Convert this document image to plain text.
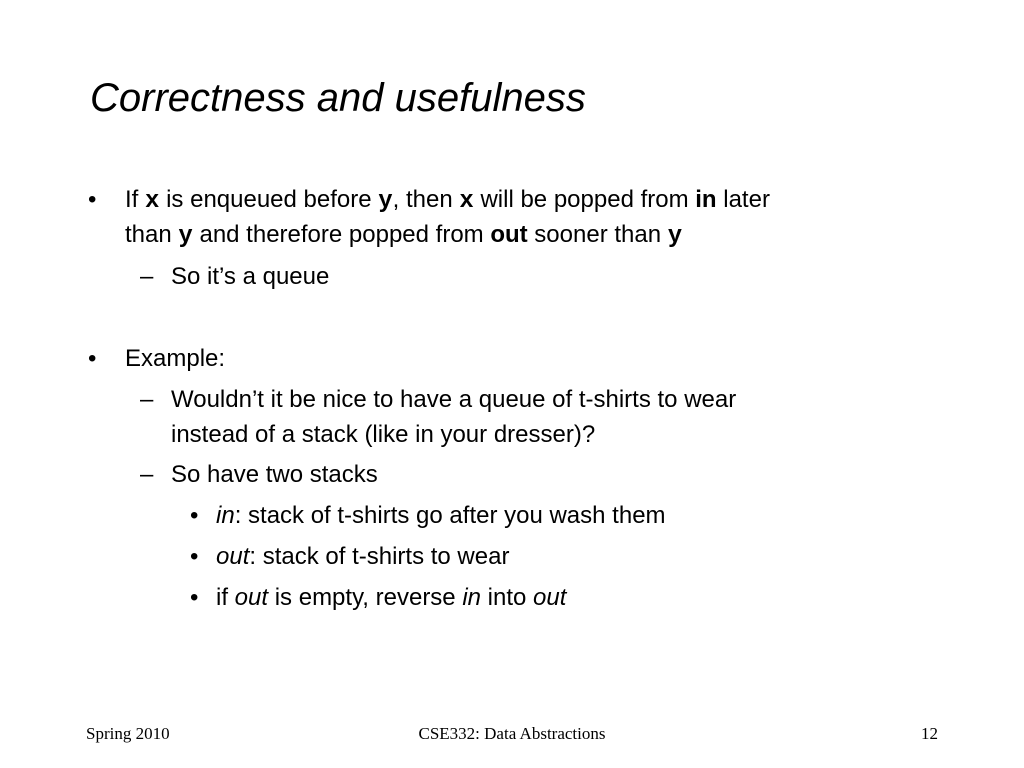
Correctness and usefulness
•	If x is enqueued before y, then x will be popped from in later
than y and therefore popped from out sooner than y
– So it’s a queue
•	Example:
– Wouldn’t it be nice to have a queue of t-shirts to wear
instead of a stack (like in your dresser)?
– So have two stacks
• in: stack of t-shirts go after you wash them
• out: stack of t-shirts to wear
• if out is empty, reverse in into out
Spring 2010	CSE332: Data Abstractions	12
